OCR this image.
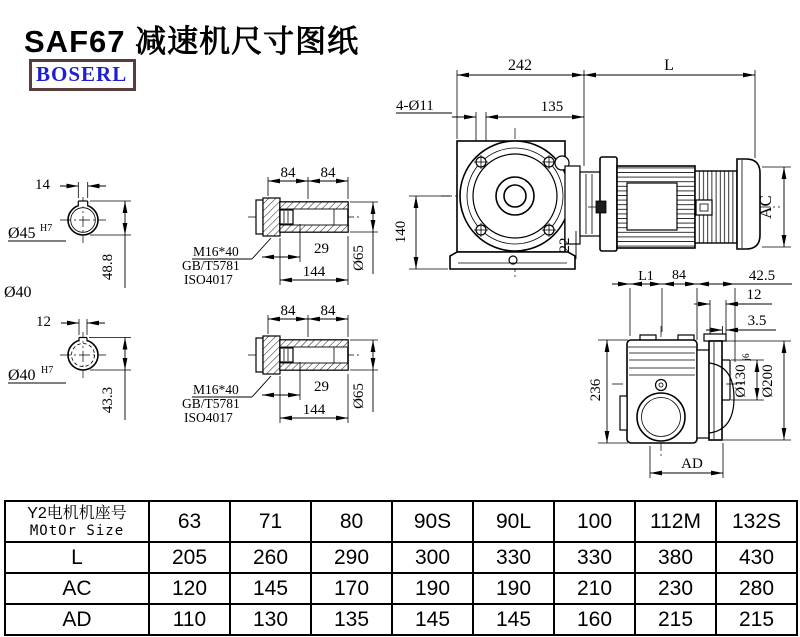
SAF67 减速机尺寸图纸
BOSERL
14
Ø45 H7
48.8
Ø40
12
Ø40 H7
43.3
84 84
29
144
Ø65
M16*40
GB/T5781
ISO4017
242	L
4-Ø11	135
22
140
AC
L1 84	42.5
12
3.5
Ø130
j6
Ø200
236
AD
Y2电机机座号
MOtOr Size	63	71	80	90S	90L	100	112M	132S
L	205	260	290	300	330	330	380	430
AC	120	145	170	190	190	210	230	280
AD	110	130	135	145	145	160	215	215
